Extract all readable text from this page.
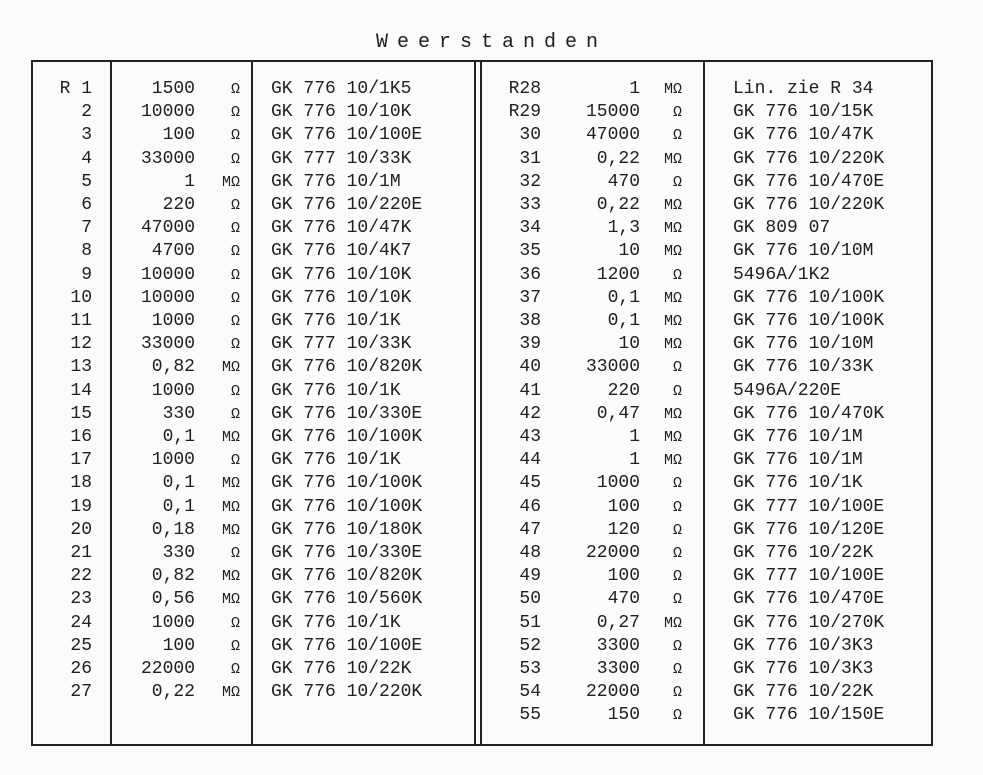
Weerstanden
R 1	1500	Ω GK 776 10/1K5
2	10000	Ω GK 776 10/10K
3	100	Ω GK 776 10/100E
4	33000	Ω GK 777 10/33K
5	1	MΩ GK 776 10/1M
6	220	Ω GK 776 10/220E
7	47000	Ω GK 776 10/47K
8	4700	Ω GK 776 10/4K7
9	10000	Ω GK 776 10/10K
10	10000	Ω GK 776 10/10K
11	1000	Ω GK 776 10/1K
12	33000	Ω GK 777 10/33K
13	0,82	MΩ GK 776 10/820K
14	1000	Ω GK 776 10/1K
15	330	Ω GK 776 10/330E
16	0,1	MΩ GK 776 10/100K
17	1000	Ω GK 776 10/1K
18	0,1	MΩ GK 776 10/100K
19	0,1	MΩ GK 776 10/100K
20	0,18	MΩ GK 776 10/180K
21	330	Ω GK 776 10/330E
22	0,82	MΩ GK 776 10/820K
23	0,56	MΩ GK 776 10/560K
24	1000	Ω GK 776 10/1K
25	100	Ω GK 776 10/100E
26	22000	Ω GK 776 10/22K
27	0,22	MΩ GK 776 10/220K
R28	1	MΩ	Lin. zie R 34
R29	15000	Ω	GK 776 10/15K
30	47000	Ω	GK 776 10/47K
31	0,22	MΩ	GK 776 10/220K
32	470	Ω	GK 776 10/470E
33	0,22	MΩ	GK 776 10/220K
34	1,3	MΩ	GK 809 07
35	10	MΩ	GK 776 10/10M
36	1200	Ω	5496A/1K2
37	0,1	MΩ	GK 776 10/100K
38	0,1	MΩ	GK 776 10/100K
39	10	MΩ	GK 776 10/10M
40	33000	Ω	GK 776 10/33K
41	220	Ω	5496A/220E
42	0,47	MΩ	GK 776 10/470K
43	1	MΩ	GK 776 10/1M
44	1	MΩ	GK 776 10/1M
45	1000	Ω	GK 776 10/1K
46	100	Ω	GK 777 10/100E
47	120	Ω	GK 776 10/120E
48	22000	Ω	GK 776 10/22K
49	100	Ω	GK 777 10/100E
50	470	Ω	GK 776 10/470E
51	0,27	MΩ	GK 776 10/270K
52	3300	Ω	GK 776 10/3K3
53	3300	Ω	GK 776 10/3K3
54	22000	Ω	GK 776 10/22K
55	150	Ω	GK 776 10/150E
